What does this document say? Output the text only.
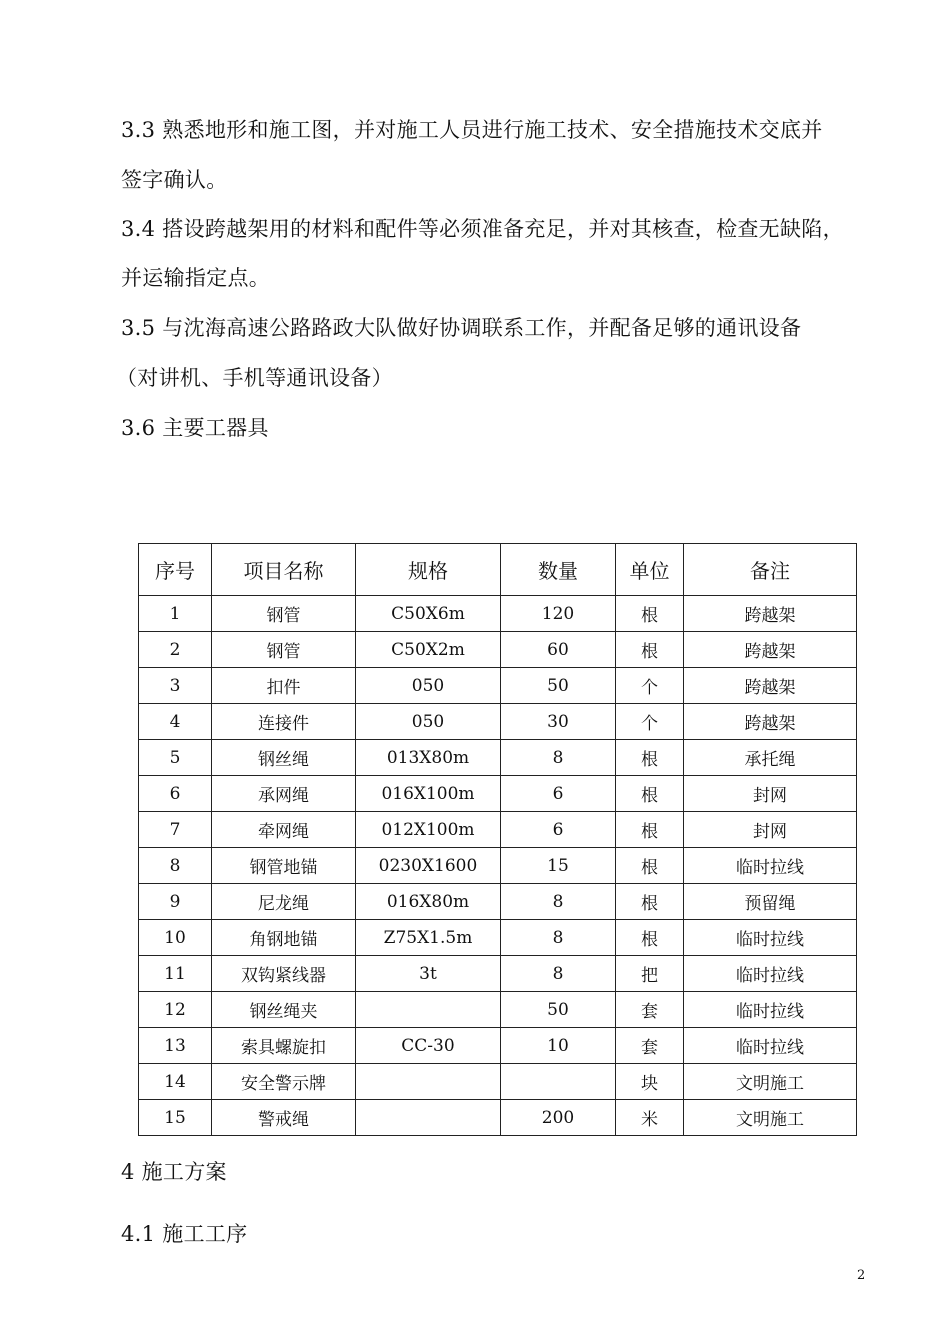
3.3 熟悉地形和施工图，并对施工人员进行施工技术、安全措施技术交底并
签字确认。
3.4 搭设跨越架用的材料和配件等必须准备充足，并对其核查，检查无缺陷，
并运输指定点。
3.5 与沈海高速公路路政大队做好协调联系工作，并配备足够的通讯设备
（对讲机、手机等通讯设备）
3.6 主要工器具
序号	项目名称	规格	数量	单位	备注
1	钢管	C50X6m	120	根	跨越架
2	钢管	C50X2m	60	根	跨越架
3	扣件	050	50	个	跨越架
4	连接件	050	30	个	跨越架
5	钢丝绳	013X80m	8	根	承托绳
6	承网绳	016X100m	6	根	封网
7	牵网绳	012X100m	6	根	封网
8	钢管地锚	0230X1600	15	根	临时拉线
9	尼龙绳	016X80m	8	根	预留绳
10	角钢地锚	Z75X1.5m	8	根	临时拉线
11	双钩紧线器	3t	8	把	临时拉线
12	钢丝绳夹		50	套	临时拉线
13	索具螺旋扣	CC-30	10	套	临时拉线
14	安全警示牌			块	文明施工
15	警戒绳		200	米	文明施工
4 施工方案
4.1 施工工序
2
